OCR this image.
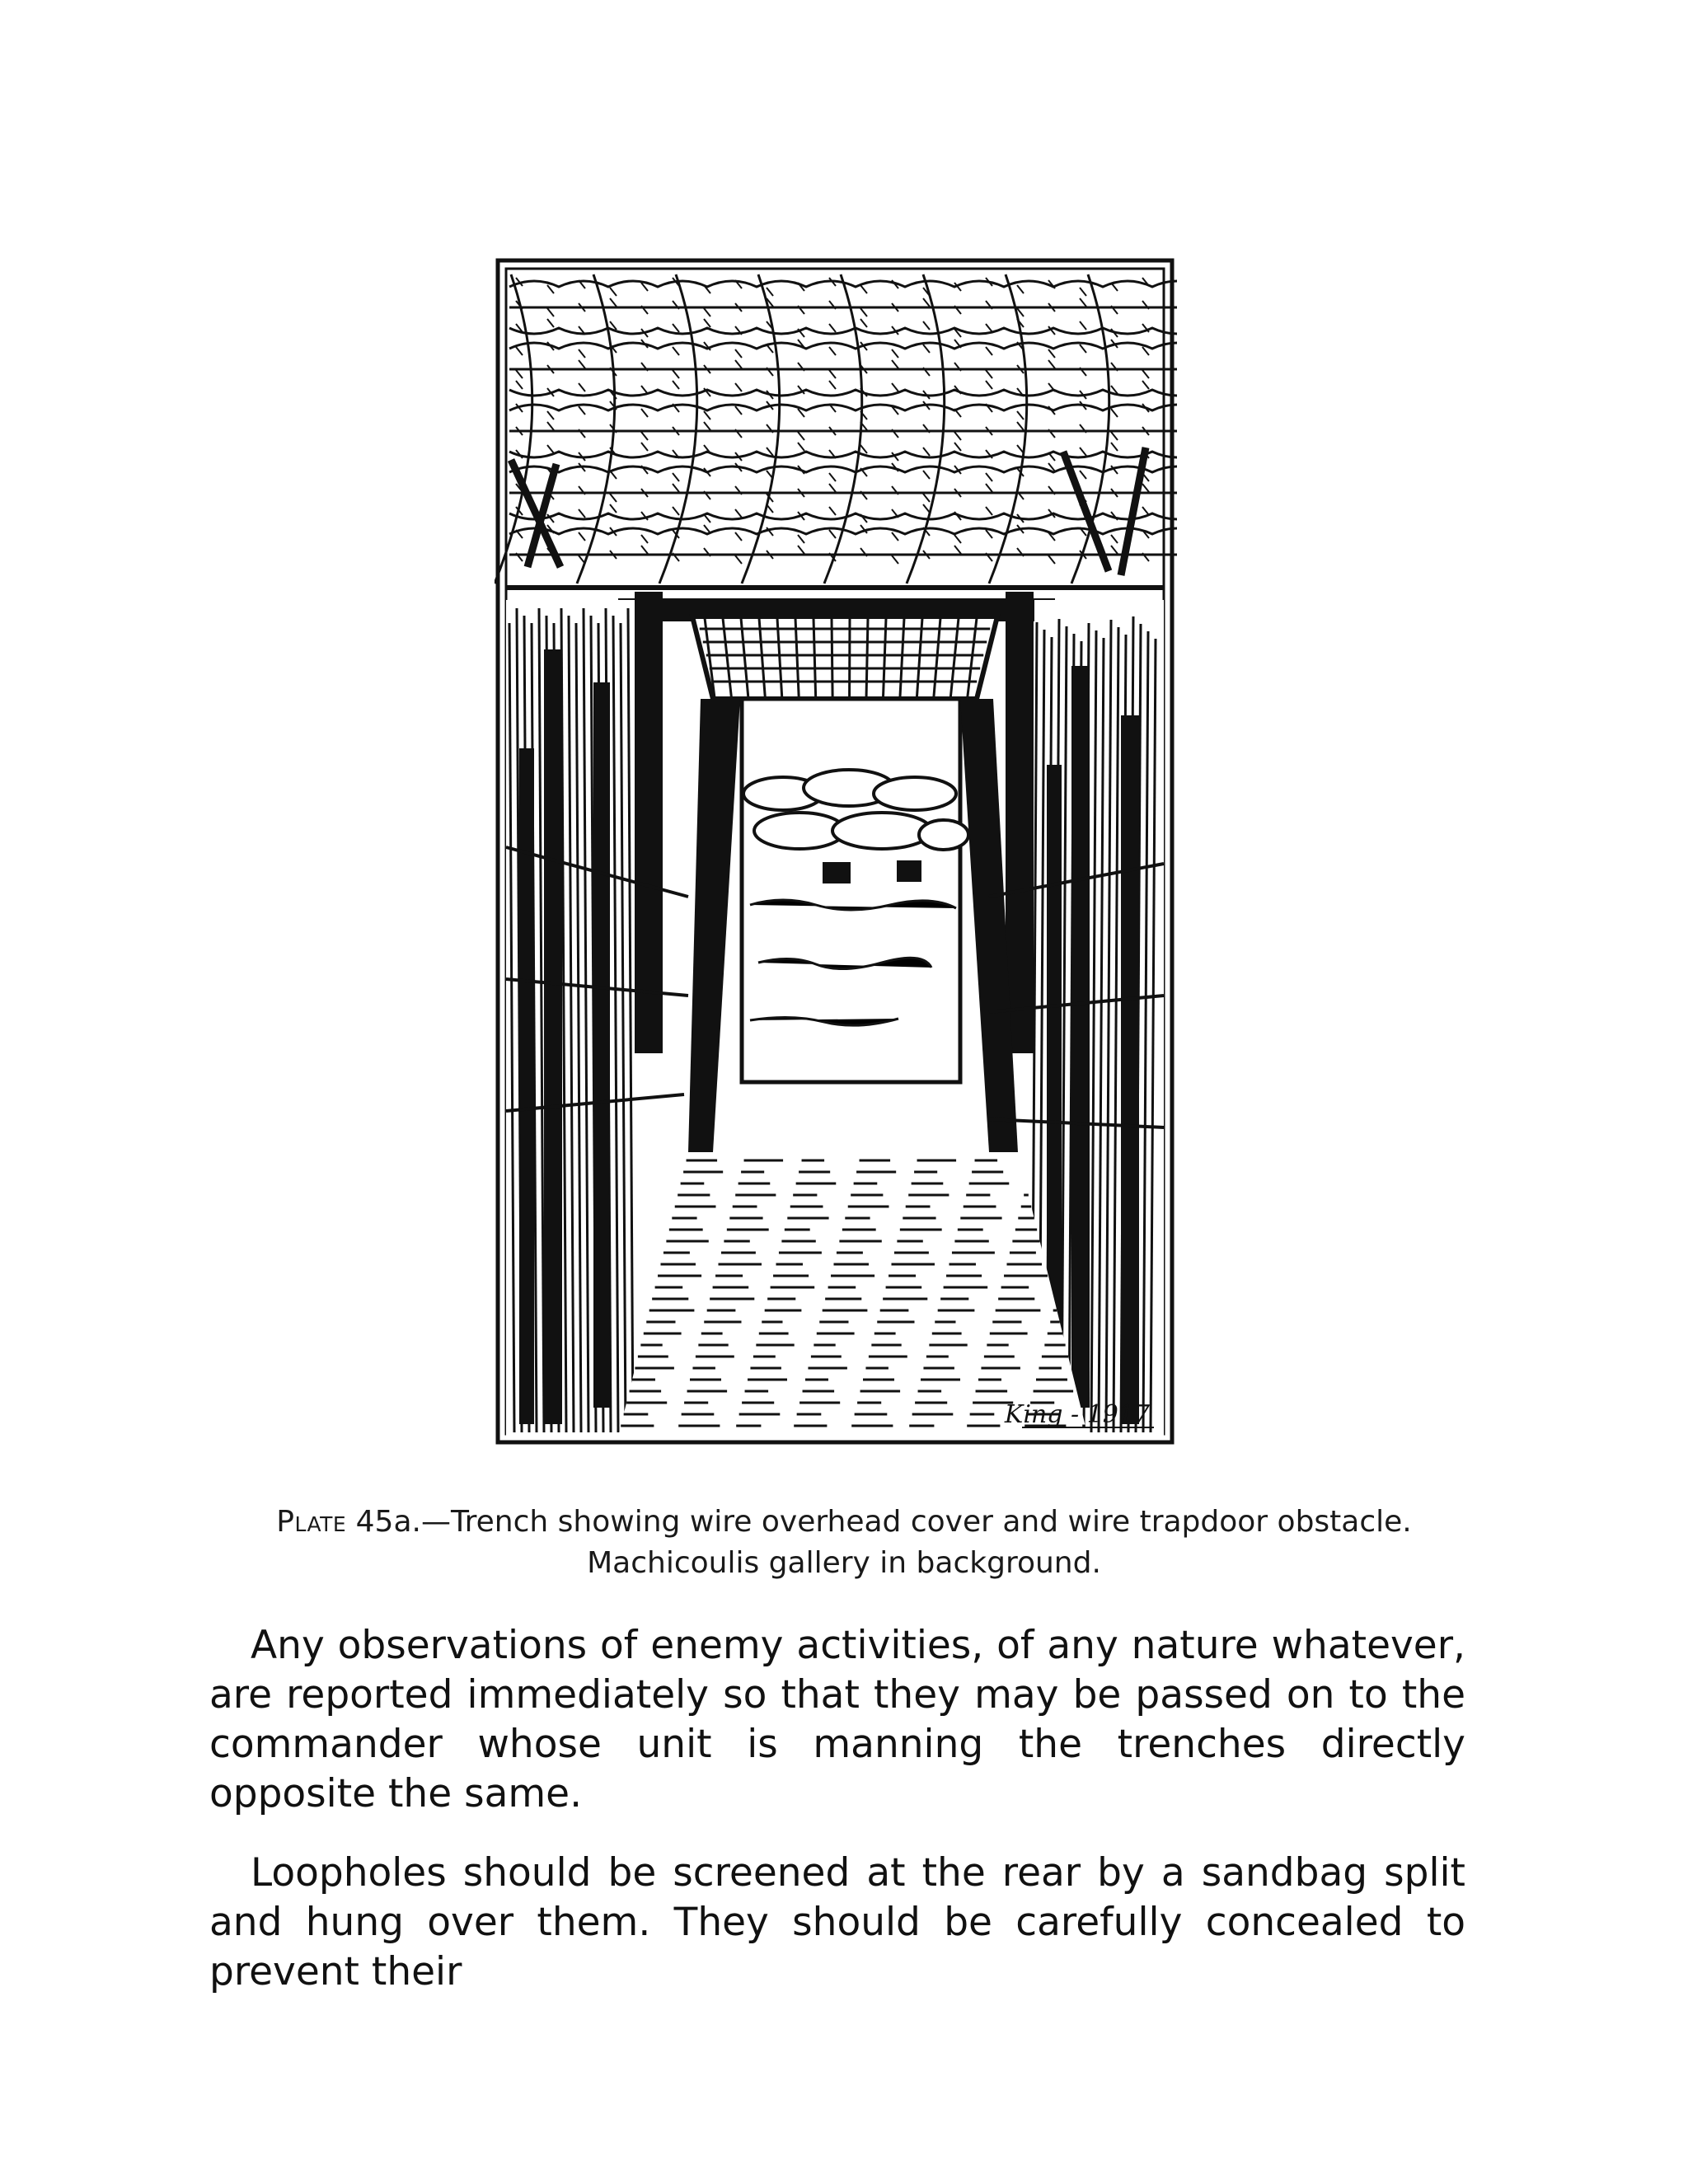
King - 1917
Plate 45a.—Trench showing wire overhead cover and wire trapdoor obstacle.
Machicoulis gallery in background.

Any observations of enemy activities, of any nature whatever, are reported immediately so that they may be passed on to the commander whose unit is manning the trenches directly opposite the same.

Loopholes should be screened at the rear by a sandbag split and hung over them. They should be carefully concealed to prevent their
